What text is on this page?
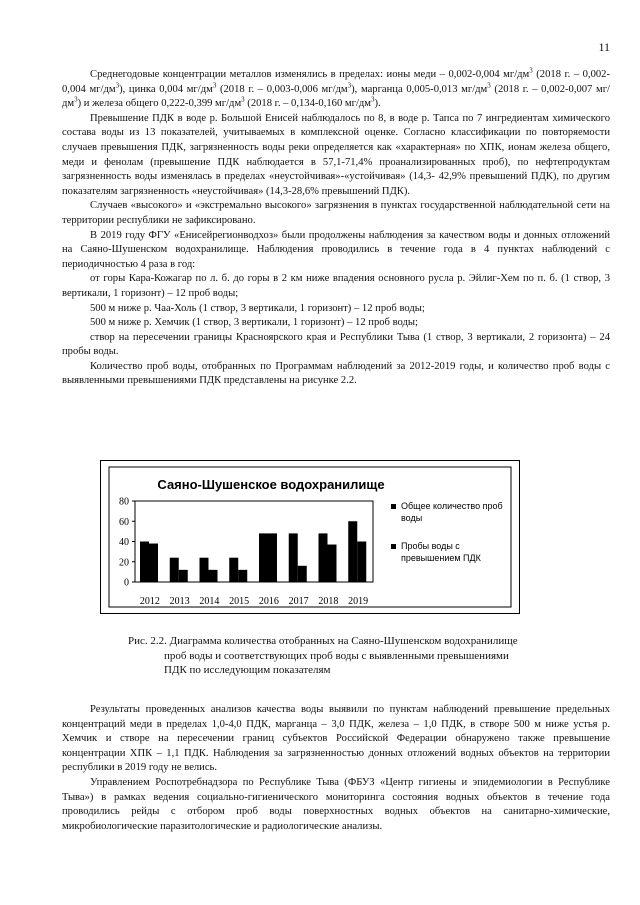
11

Среднегодовые концентрации металлов изменялись в пределах: ионы меди – 0,002-0,004 $мг/дм^3$ (2018 г. – 0,002-0,004 $мг/дм^3$), цинка 0,004 $мг/дм^3$ (2018 г. – 0,003-0,006 $мг/дм^3$), марганца 0,005-0,013 $мг/дм^3$ (2018 г. – 0,002-0,007 $мг/дм^3$) и железа общего 0,222-0,399 $мг/дм^3$ (2018 г. – 0,134-0,160 $мг/дм^3$).

Превышение ПДК в воде р. Большой Енисей наблюдалось по 8, в воде р. Тапса по 7 ингредиентам химического состава воды из 13 показателей, учитываемых в комплексной оценке. Согласно классификации по повторяемости случаев превышения ПДК, загрязненность воды реки определяется как «характерная» по ХПК, ионам железа общего, меди и фенолам (превышение ПДК наблюдается в 57,1-71,4% проанализированных проб), по нефтепродуктам загрязненность воды изменялась в пределах «неустойчивая»-«устойчивая» (14,3- 42,9% превышений ПДК), по другим показателям загрязненность «неустойчивая» (14,3-28,6% превышений ПДК).

Случаев «высокого» и «экстремально высокого» загрязнения в пунктах государственной наблюдательной сети на территории республики не зафиксировано.

В 2019 году ФГУ «Енисейрегионводхоз» были продолжены наблюдения за качеством воды и донных отложений на Саяно-Шушенском водохранилище. Наблюдения проводились в течение года в 4 пунктах наблюдений с периодичностью 4 раза в год:

от горы Кара-Кожагар по л. б. до горы в 2 км ниже впадения основного русла р. Эйлиг-Хем по п. б. (1 створ, 3 вертикали, 1 горизонт) – 12 проб воды;

500 м ниже р. Чаа-Холь (1 створ, 3 вертикали, 1 горизонт) – 12 проб воды;

500 м ниже р. Хемчик (1 створ, 3 вертикали, 1 горизонт) – 12 проб воды;

створ на пересечении границы Красноярского края и Республики Тыва (1 створ, 3 вертикали, 2 горизонта) – 24 пробы воды.

Количество проб воды, отобранных по Программам наблюдений за 2012-2019 годы, и количество проб воды с выявленными превышениями ПДК представлены на рисунке 2.2.

Саяно-Шушенское водохранилище
0
20
40
60
80
2012 2013 2014 2015 2016 2017 2018 2019
Общее количество проб
воды
Пробы воды с
превышением ПДК
Рис. 2.2. Диаграмма количества отобранных на Саяно-Шушенском водохранилище
проб воды и соответствующих проб воды с выявленными превышениями
ПДК по исследующим показателям

Результаты проведенных анализов качества воды выявили по пунктам наблюдений превышение предельных концентраций меди в пределах 1,0-4,0 ПДК, марганца – 3,0 ПДК, железа – 1,0 ПДК, в створе 500 м ниже устья р. Хемчик и створе на пересечении границ субъектов Российской Федерации обнаружено также превышение концентрации ХПК – 1,1 ПДК. Наблюдения за загрязненностью донных отложений водных объектов на территории республики в 2019 году не велись.

Управлением Роспотребнадзора по Республике Тыва (ФБУЗ «Центр гигиены и эпидемиологии в Республике Тыва») в рамках ведения социально-гигиенического мониторинга состояния водных объектов в течение года проводились рейды с отбором проб воды поверхностных водных объектов на санитарно-химические, микробиологические паразитологические и радиологические анализы.
